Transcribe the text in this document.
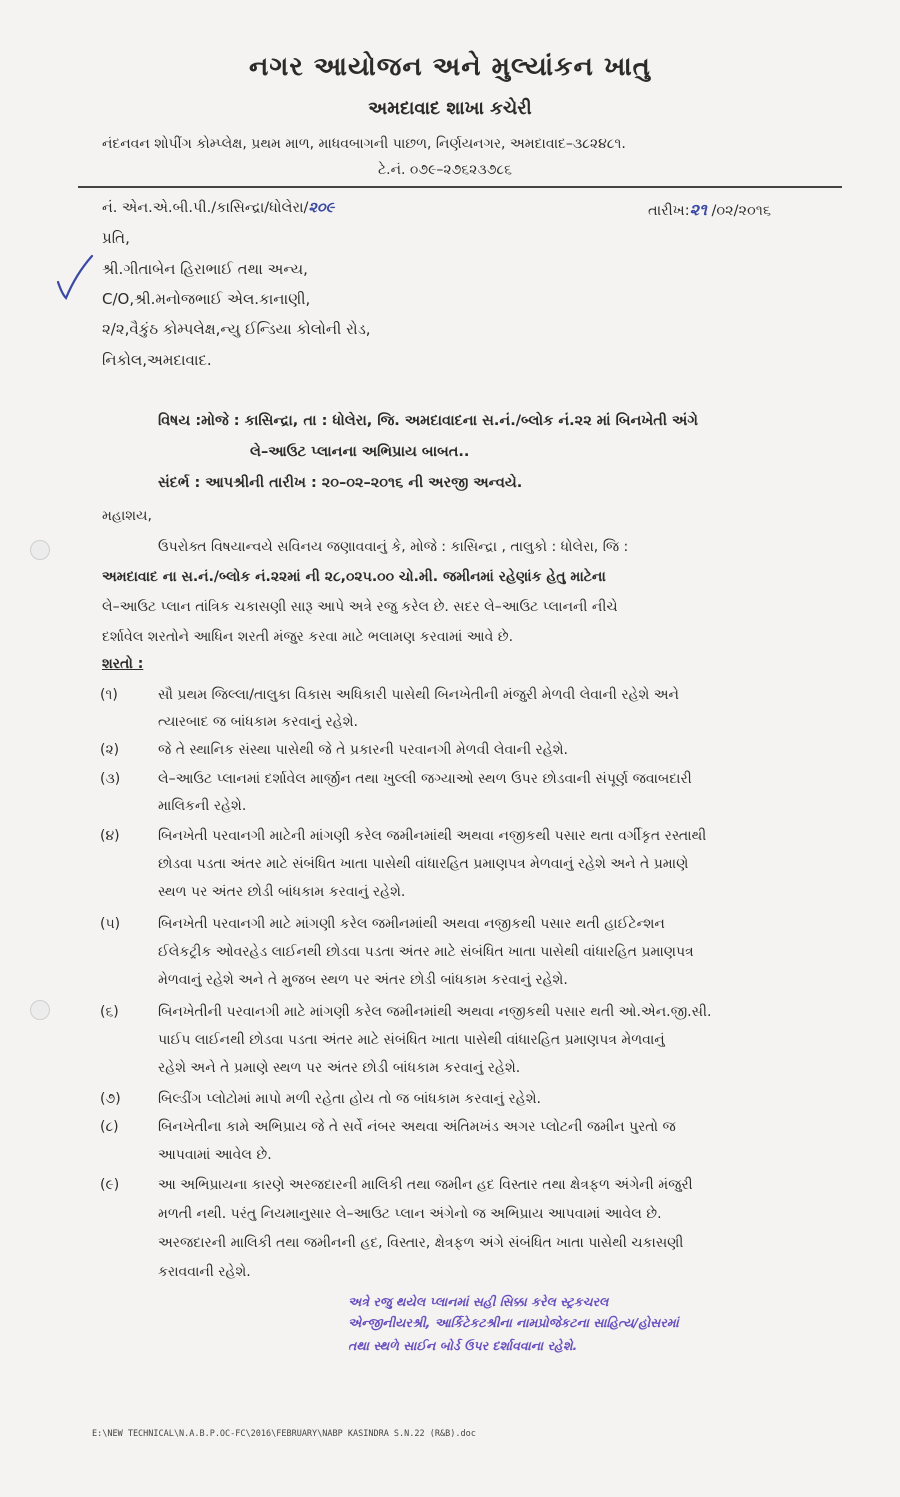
નગર આયોજન અને મુલ્યાંકન ખાતુ
અમદાવાદ શાખા કચેરી
નંદનવન શોપીંગ કોમ્પ્લેક્ષ, પ્રથમ માળ, માધવબાગની પાછળ, નિર્ણયનગર, અમદાવાદ–૩૮૨૪૮૧.
ટે.નં. ૦૭૯–૨૭૬૨૩૭૮૬
નં. એન.એ.બી.પી./કાસિન્દ્રા/ધોલેરા/૨૦૯	તારીખ:૨૧ /૦૨/૨૦૧૬
પ્રતિ,
શ્રી.ગીતાબેન હિરાભાઈ તથા અન્ય,
C/O,શ્રી.મનોજભાઈ એલ.કાનાણી,
૨/૨,વૈકુંઠ કોમ્પલેક્ષ,ન્યુ ઈન્ડિયા કોલોની રોડ,
નિકોલ,અમદાવાદ.
વિષય :મોજે : કાસિન્દ્રા, તા : ધોલેરા, જિ. અમદાવાદના સ.નં./બ્લોક નં.૨૨ માં બિનખેતી અંગે
લે–આઉટ પ્લાનના અભિપ્રાય બાબત..
સંદર્ભ : આપશ્રીની તારીખ : ૨૦–૦૨–૨૦૧૬ ની અરજી અન્વયે.
મહાશય,
ઉપરોક્ત વિષયાન્વયે સવિનય જણાવવાનું કે, મોજે : કાસિન્દ્રા , તાલુકો : ધોલેરા, જિ :
અમદાવાદ ના સ.નં./બ્લોક નં.૨૨માં ની ૨૮,૦૨૫.૦૦ ચો.મી. જમીનમાં રહેણાંક હેતુ માટેના
લે–આઉટ પ્લાન તાંત્રિક ચકાસણી સારૂ આપે અત્રે રજુ કરેલ છે. સદર લે–આઉટ પ્લાનની નીચે
દર્શાવેલ શરતોને આધિન શરતી મંજુર કરવા માટે ભલામણ કરવામાં આવે છે.
શરતો :
(૧)	સૌ પ્રથમ જિલ્લા/તાલુકા વિકાસ અધિકારી પાસેથી બિનખેતીની મંજુરી મેળવી લેવાની રહેશે અને
ત્યારબાદ જ બાંધકામ કરવાનું રહેશે.
(૨)	જે તે સ્થાનિક સંસ્થા પાસેથી જે તે પ્રકારની પરવાનગી મેળવી લેવાની રહેશે.
(૩)	લે–આઉટ પ્લાનમાં દર્શાવેલ માર્જીન તથા ખુલ્લી જગ્યાઓ સ્થળ ઉપર છોડવાની સંપૂર્ણ જવાબદારી
માલિકની રહેશે.
(૪)	બિનખેતી પરવાનગી માટેની માંગણી કરેલ જમીનમાંથી અથવા નજીકથી પસાર થતા વર્ગીકૃત રસ્તાથી
છોડવા પડતા અંતર માટે સંબંધિત ખાતા પાસેથી વાંધારહિત પ્રમાણપત્ર મેળવાનું રહેશે અને તે પ્રમાણે
સ્થળ પર અંતર છોડી બાંધકામ કરવાનું રહેશે.
(૫)	બિનખેતી પરવાનગી માટે માંગણી કરેલ જમીનમાંથી અથવા નજીકથી પસાર થતી હાઈટેન્શન
ઈલેકટ્રીક ઓવરહેડ લાઈનથી છોડવા પડતા અંતર માટે સંબંધિત ખાતા પાસેથી વાંધારહિત પ્રમાણપત્ર
મેળવાનું રહેશે અને તે મુજબ સ્થળ પર અંતર છોડી બાંધકામ કરવાનું રહેશે.
(૬)	બિનખેતીની પરવાનગી માટે માંગણી કરેલ જમીનમાંથી અથવા નજીકથી પસાર થતી ઓ.એન.જી.સી.
પાઈપ લાઈનથી છોડવા પડતા અંતર માટે સંબંધિત ખાતા પાસેથી વાંધારહિત પ્રમાણપત્ર મેળવાનું
રહેશે અને તે પ્રમાણે સ્થળ પર અંતર છોડી બાંધકામ કરવાનું રહેશે.
(૭)	બિલ્ડીંગ પ્લોટોમાં માપો મળી રહેતા હોય તો જ બાંધકામ કરવાનું રહેશે.
(૮)	બિનખેતીના કામે અભિપ્રાય જે તે સર્વે નંબર અથવા અંતિમખંડ અગર પ્લોટની જમીન પુરતો જ
આપવામાં આવેલ છે.
(૯)	આ અભિપ્રાયના કારણે અરજદારની માલિકી તથા જમીન હદ વિસ્તાર તથા ક્ષેત્રફળ અંગેની મંજુરી
મળતી નથી. પરંતુ નિયમાનુસાર લે–આઉટ પ્લાન અંગેનો જ અભિપ્રાય આપવામાં આવેલ છે.
અરજદારની માલિકી તથા જમીનની હદ, વિસ્તાર, ક્ષેત્રફળ અંગે સંબંધિત ખાતા પાસેથી ચકાસણી
કરાવવાની રહેશે.
અત્રે રજુ થયેલ પ્લાનમાં સહી સિક્કા કરેલ સ્ટ્રકચરલ
એન્જીનીયરશ્રી, આર્કિટેકટશ્રીના નામપ્રોજેકટના સાહિત્ય/હોસરમાં
તથા સ્થળે સાઈન બોર્ડ ઉપર દર્શાવવાના રહેશે.
E:\NEW TECHNICAL\N.A.B.P.OC-FC\2016\FEBRUARY\NABP KASINDRA S.N.22 (R&B).doc
